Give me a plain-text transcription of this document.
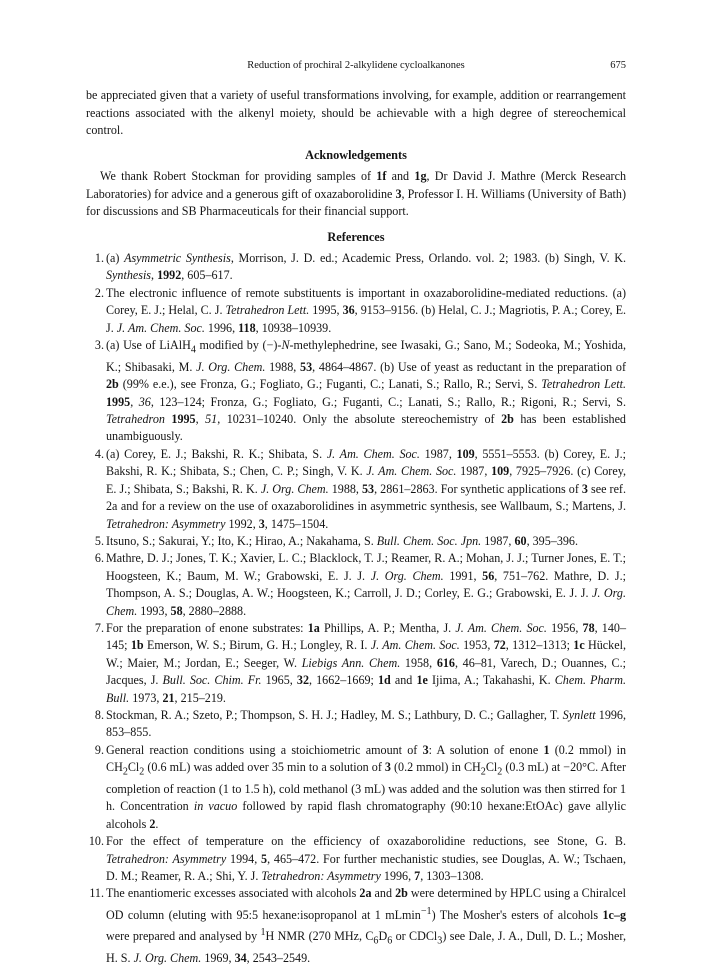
Reduction of prochiral 2-alkylidene cycloalkanones	675

be appreciated given that a variety of useful transformations involving, for example, addition or rearrangement reactions associated with the alkenyl moiety, should be achievable with a high degree of stereochemical control.

Acknowledgements

We thank Robert Stockman for providing samples of 1f and 1g, Dr David J. Mathre (Merck Research Laboratories) for advice and a generous gift of oxazaborolidine 3, Professor I. H. Williams (University of Bath) for discussions and SB Pharmaceuticals for their financial support.

References
1 . (a) Asymmetric Synthesis, Morrison, J. D. ed.; Academic Press, Orlando. vol. 2; 1983. (b) Singh, V. K. Synthesis, 1992, 605–617.
2 . The electronic influence of remote substituents is important in oxazaborolidine-mediated reductions. (a) Corey, E. J.; Helal, C. J. Tetrahedron Lett. 1995, 36, 9153–9156. (b) Helal, C. J.; Magriotis, P. A.; Corey, E. J. J. Am. Chem. Soc. 1996, 118, 10938–10939.
3 . (a) Use of LiAlH$_4$ modified by (−)-N-methylephedrine, see Iwasaki, G.; Sano, M.; Sodeoka, M.; Yoshida, K.; Shibasaki, M. J. Org. Chem. 1988, 53, 4864–4867. (b) Use of yeast as reductant in the preparation of 2b (99% e.e.), see Fronza, G.; Fogliato, G.; Fuganti, C.; Lanati, S.; Rallo, R.; Servi, S. Tetrahedron Lett. 1995, 36, 123–124; Fronza, G.; Fogliato, G.; Fuganti, C.; Lanati, S.; Rallo, R.; Rigoni, R.; Servi, S. Tetrahedron 1995, 51, 10231–10240. Only the absolute stereochemistry of 2b has been established unambiguously.
4 . (a) Corey, E. J.; Bakshi, R. K.; Shibata, S. J. Am. Chem. Soc. 1987, 109, 5551–5553. (b) Corey, E. J.; Bakshi, R. K.; Shibata, S.; Chen, C. P.; Singh, V. K. J. Am. Chem. Soc. 1987, 109, 7925–7926. (c) Corey, E. J.; Shibata, S.; Bakshi, R. K. J. Org. Chem. 1988, 53, 2861–2863. For synthetic applications of 3 see ref. 2a and for a review on the use of oxazaborolidines in asymmetric synthesis, see Wallbaum, S.; Martens, J. Tetrahedron: Asymmetry 1992, 3, 1475–1504.
5 . Itsuno, S.; Sakurai, Y.; Ito, K.; Hirao, A.; Nakahama, S. Bull. Chem. Soc. Jpn. 1987, 60, 395–396.
6 . Mathre, D. J.; Jones, T. K.; Xavier, L. C.; Blacklock, T. J.; Reamer, R. A.; Mohan, J. J.; Turner Jones, E. T.; Hoogsteen, K.; Baum, M. W.; Grabowski, E. J. J. J. Org. Chem. 1991, 56, 751–762. Mathre, D. J.; Thompson, A. S.; Douglas, A. W.; Hoogsteen, K.; Carroll, J. D.; Corley, E. G.; Grabowski, E. J. J. J. Org. Chem. 1993, 58, 2880–2888.
7 . For the preparation of enone substrates: 1a Phillips, A. P.; Mentha, J. J. Am. Chem. Soc. 1956, 78, 140–145; 1b Emerson, W. S.; Birum, G. H.; Longley, R. I. J. Am. Chem. Soc. 1953, 72, 1312–1313; 1c Hückel, W.; Maier, M.; Jordan, E.; Seeger, W. Liebigs Ann. Chem. 1958, 616, 46–81, Varech, D.; Ouannes, C.; Jacques, J. Bull. Soc. Chim. Fr. 1965, 32, 1662–1669; 1d and 1e Ijima, A.; Takahashi, K. Chem. Pharm. Bull. 1973, 21, 215–219.
8 . Stockman, R. A.; Szeto, P.; Thompson, S. H. J.; Hadley, M. S.; Lathbury, D. C.; Gallagher, T. Synlett 1996, 853–855.
9 . General reaction conditions using a stoichiometric amount of 3: A solution of enone 1 (0.2 mmol) in $CH_2Cl_2$ (0.6 mL) was added over 35 min to a solution of 3 (0.2 mmol) in $CH_2Cl_2$ (0.3 mL) at −20°C. After completion of reaction (1 to 1.5 h), cold methanol (3 mL) was added and the solution was then stirred for 1 h. Concentration in vacuo followed by rapid flash chromatography (90:10 hexane:EtOAc) gave allylic alcohols 2.
10 . For the effect of temperature on the efficiency of oxazaborolidine reductions, see Stone, G. B. Tetrahedron: Asymmetry 1994, 5, 465–472. For further mechanistic studies, see Douglas, A. W.; Tschaen, D. M.; Reamer, R. A.; Shi, Y. J. Tetrahedron: Asymmetry 1996, 7, 1303–1308.
11 . The enantiomeric excesses associated with alcohols 2a and 2b were determined by HPLC using a Chiralcel OD column (eluting with 95:5 hexane:isopropanol at 1 mLmin$^{-1}$) The Mosher's esters of alcohols 1c–g were prepared and analysed by $^1$H NMR (270 MHz, $C_6D_6$ or CDCl$_3$) see Dale, J. A., Dull, D. L.; Mosher, H. S. J. Org. Chem. 1969, 34, 2543–2549.
